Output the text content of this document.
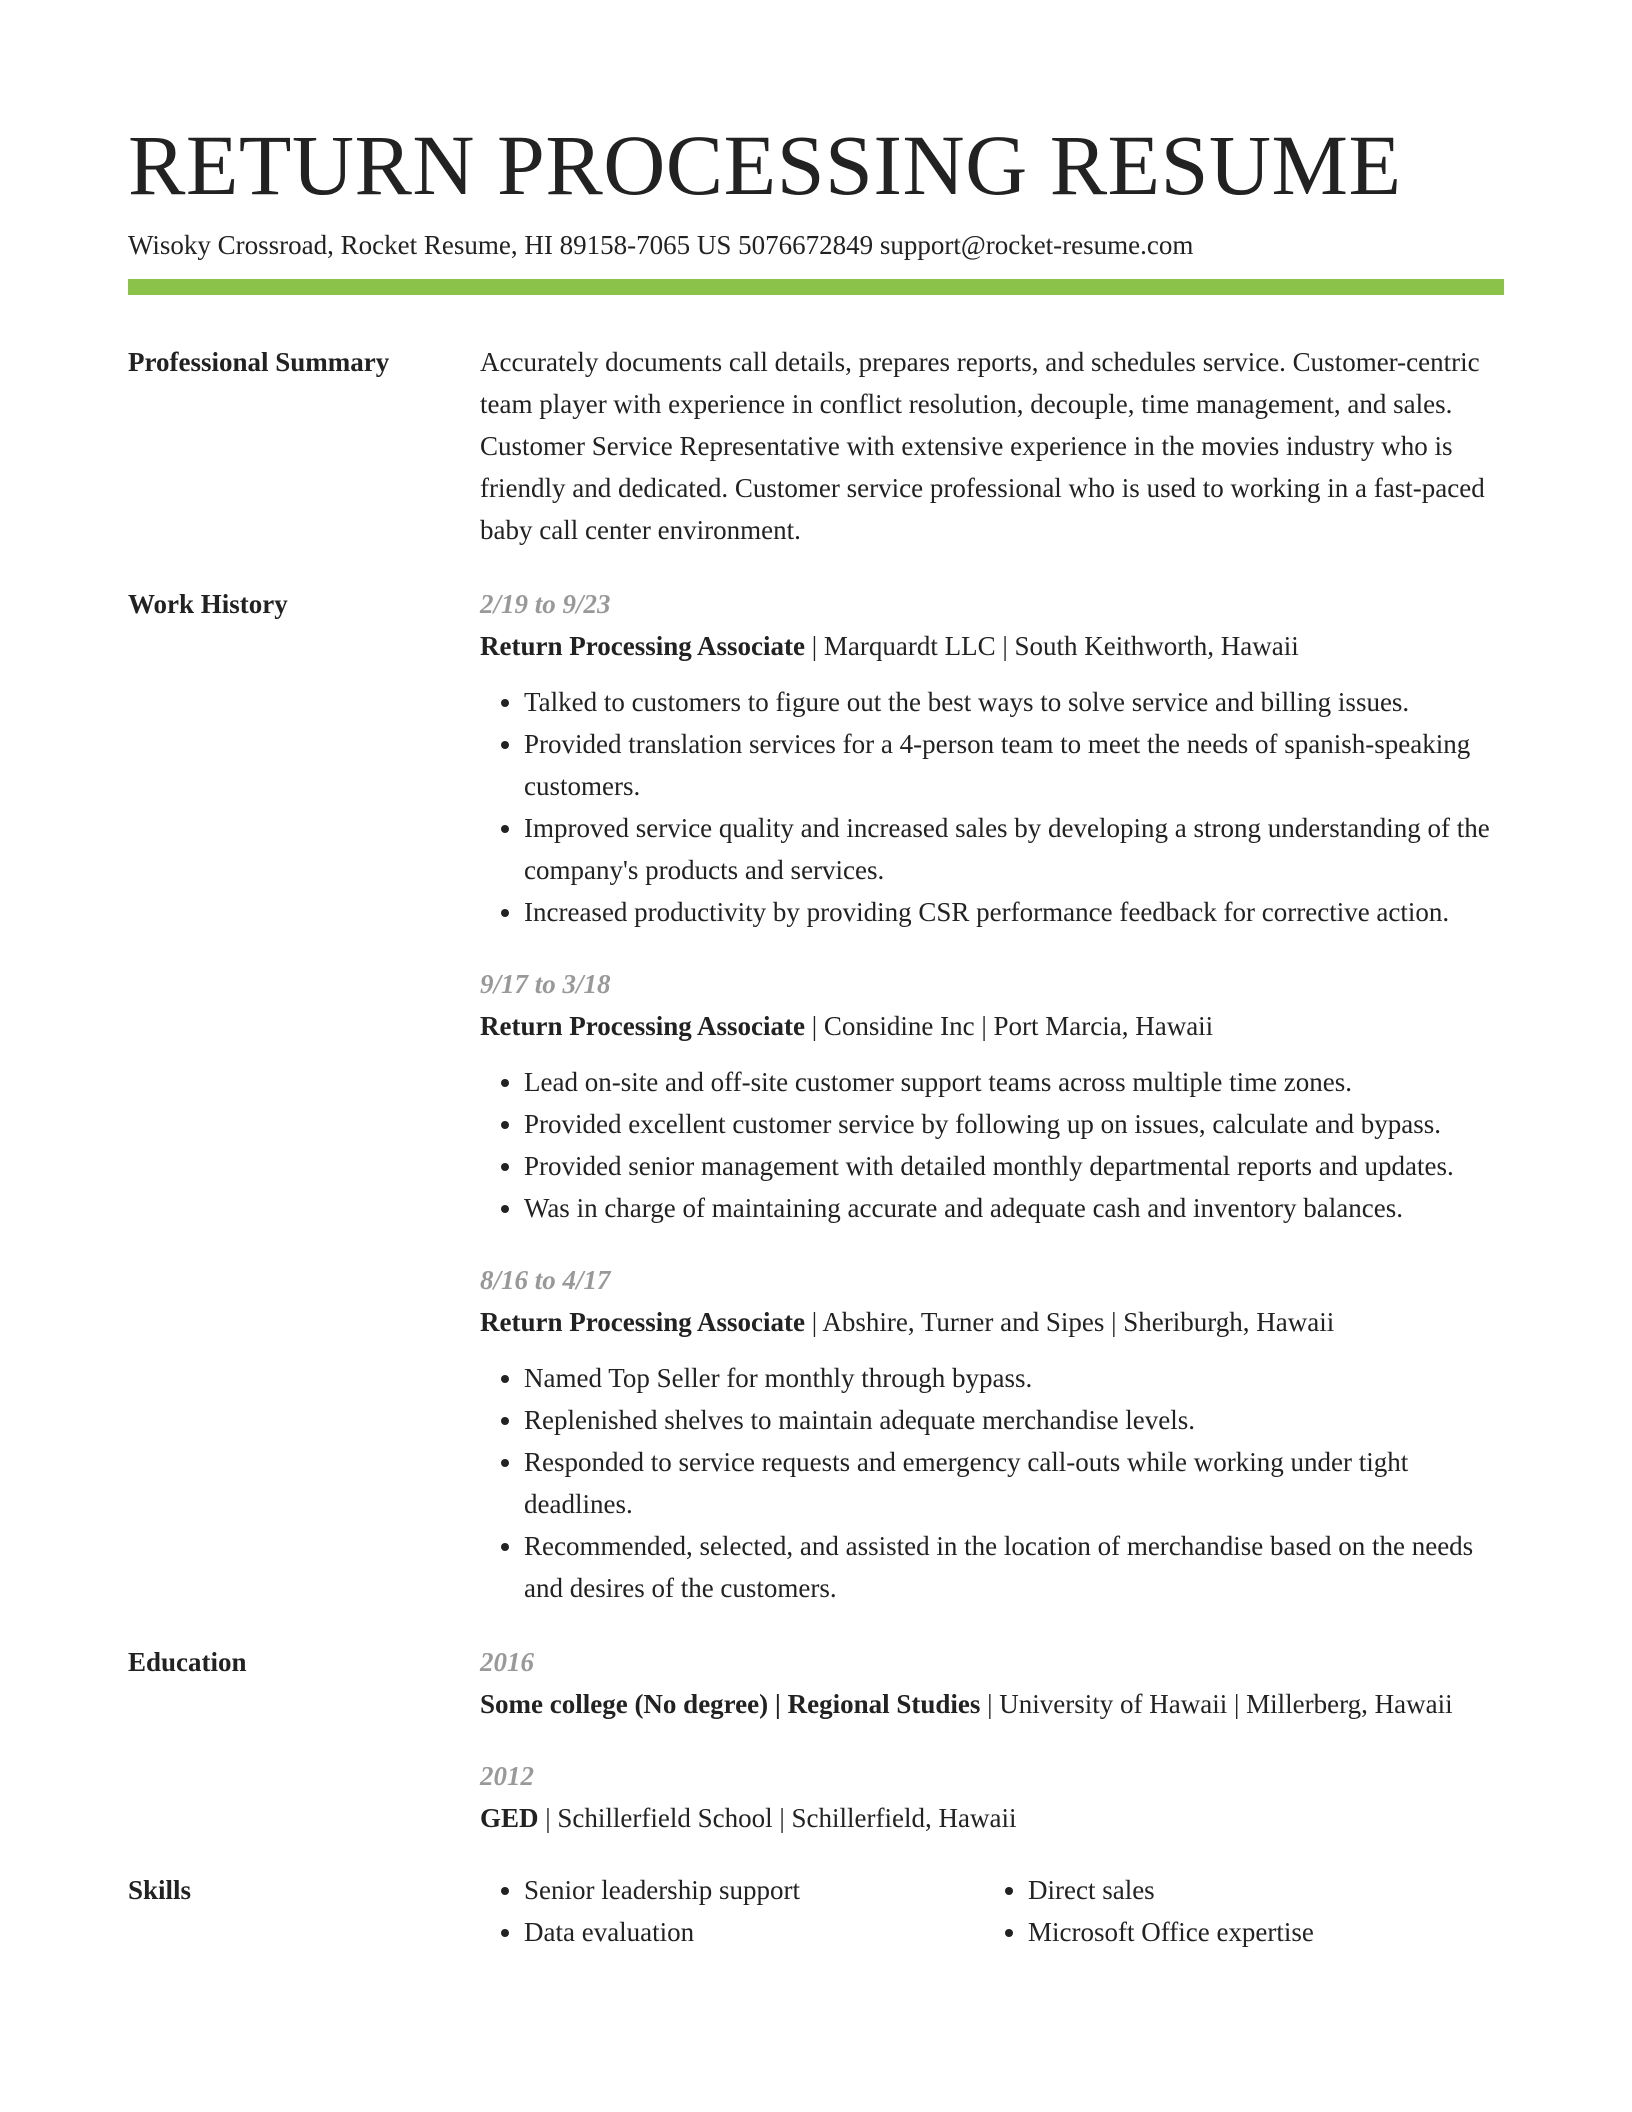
RETURN PROCESSING RESUME
Wisoky Crossroad, Rocket Resume, HI 89158-7065 US 5076672849 support@rocket-resume.com
Professional Summary	Accurately documents call details, prepares reports, and schedules service. Customer-centric team player with experience in conflict resolution, decouple, time management, and sales. Customer Service Representative with extensive experience in the movies industry who is friendly and dedicated. Customer service professional who is used to working in a fast-paced baby call center environment.
Work History	2/19 to 9/23
Return Processing Associate | Marquardt LLC | South Keithworth, Hawaii
• Talked to customers to figure out the best ways to solve service and billing issues.
• Provided translation services for a 4-person team to meet the needs of spanish-speaking customers.
• Improved service quality and increased sales by developing a strong understanding of the company's products and services.
• Increased productivity by providing CSR performance feedback for corrective action.
9/17 to 3/18
Return Processing Associate | Considine Inc | Port Marcia, Hawaii
• Lead on-site and off-site customer support teams across multiple time zones.
• Provided excellent customer service by following up on issues, calculate and bypass.
• Provided senior management with detailed monthly departmental reports and updates.
• Was in charge of maintaining accurate and adequate cash and inventory balances.
8/16 to 4/17
Return Processing Associate | Abshire, Turner and Sipes | Sheriburgh, Hawaii
• Named Top Seller for monthly through bypass.
• Replenished shelves to maintain adequate merchandise levels.
• Responded to service requests and emergency call-outs while working under tight deadlines.
• Recommended, selected, and assisted in the location of merchandise based on the needs and desires of the customers.
Education	2016
Some college (No degree) | Regional Studies | University of Hawaii | Millerberg, Hawaii
2012
GED | Schillerfield School | Schillerfield, Hawaii
Skills
•	Senior leadership support
• Data evaluation
• Direct sales
• Microsoft Office expertise
